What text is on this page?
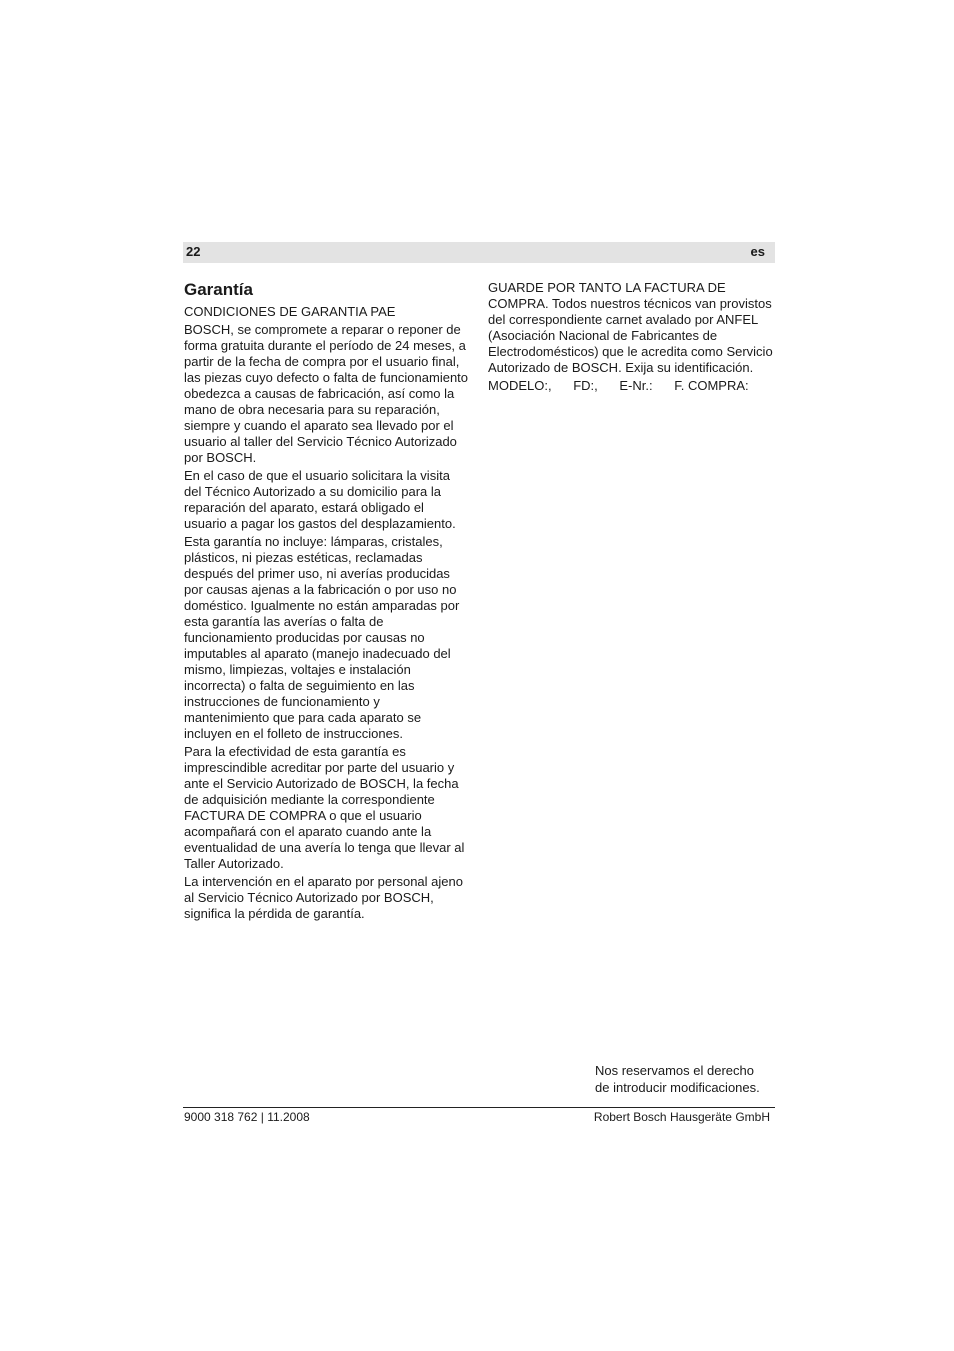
22	es
Garantía

CONDICIONES DE GARANTIA PAE

BOSCH, se compromete a reparar o reponer de forma gratuita durante el período de 24 meses, a partir de la fecha de compra por el usuario final, las piezas cuyo defecto o falta de funcionamiento obedezca a causas de fabricación, así como la mano de obra necesaria para su reparación, siempre y cuando el aparato sea llevado por el usuario al taller del Servicio Técnico Autorizado por BOSCH.

En el caso de que el usuario solicitara la visita del Técnico Autorizado a su domicilio para la reparación del aparato, estará obligado el usuario a pagar los gastos del desplazamiento.

Esta garantía no incluye: lámparas, cristales, plásticos, ni piezas estéticas, reclamadas después del primer uso, ni averías producidas por causas ajenas a la fabricación o por uso no doméstico. Igualmente no están amparadas por esta garantía las averías o falta de funcionamiento producidas por causas no imputables al aparato (manejo inadecuado del mismo, limpiezas, voltajes e instalación incorrecta) o falta de seguimiento en las instrucciones de funcionamiento y mantenimiento que para cada aparato se incluyen en el folleto de instrucciones.

Para la efectividad de esta garantía es imprescindible acreditar por parte del usuario y ante el Servicio Autorizado de BOSCH, la fecha de adquisición mediante la correspondiente FACTURA DE COMPRA o que el usuario acompañará con el aparato cuando ante la eventualidad de una avería lo tenga que llevar al Taller Autorizado.

La intervención en el aparato por personal ajeno al Servicio Técnico Autorizado por BOSCH, significa la pérdida de garantía.

GUARDE POR TANTO LA FACTURA DE COMPRA. Todos nuestros técnicos van provistos del correspondiente carnet avalado por ANFEL (Asociación Nacional de Fabricantes de Electrodomésticos) que le acredita como Servicio Autorizado de BOSCH. Exija su identificación.

MODELO:, FD:, E-Nr.: F. COMPRA:

Nos reservamos el derecho
de introducir modificaciones.
9000 318 762 | 11.2008	Robert Bosch Hausgeräte GmbH
